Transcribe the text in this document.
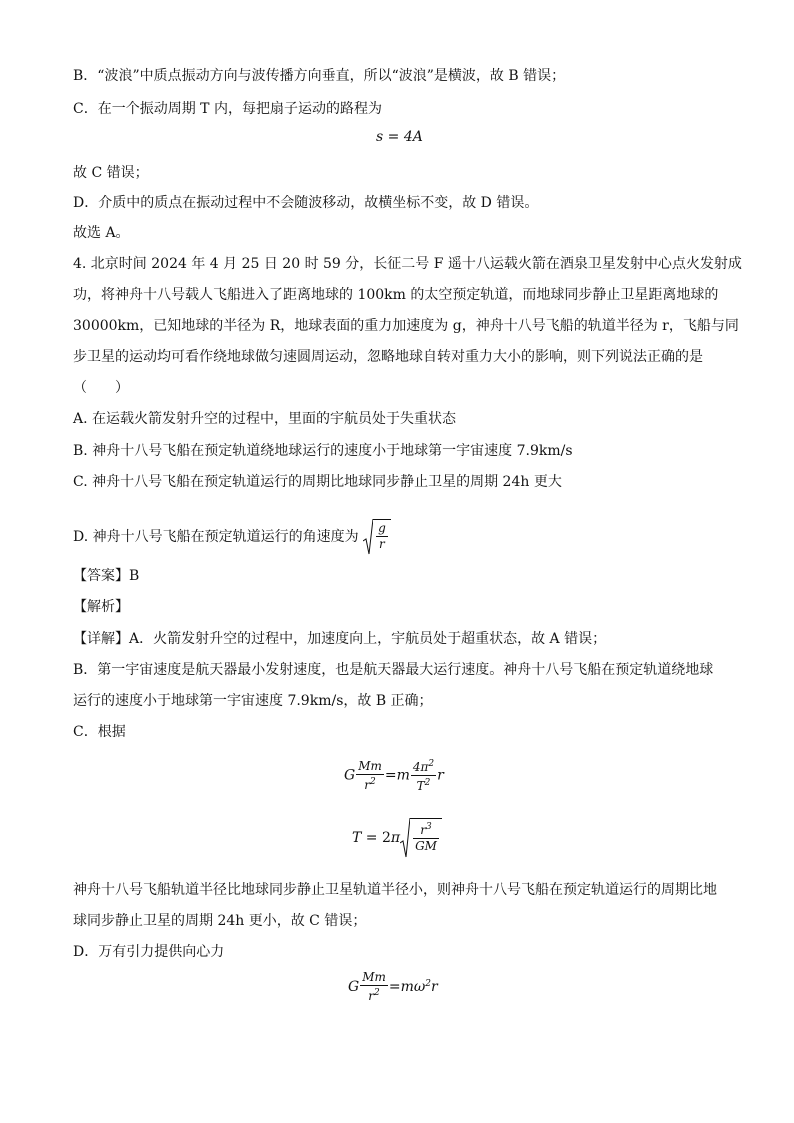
B．“波浪”中质点振动方向与波传播方向垂直，所以“波浪”是横波，故 B 错误；
C．在一个振动周期 T 内，每把扇子运动的路程为
s = 4A
故 C 错误；
D．介质中的质点在振动过程中不会随波移动，故横坐标不变，故 D 错误。
故选 A。
4. 北京时间 2024 年 4 月 25 日 20 时 59 分，长征二号 F 遥十八运载火箭在酒泉卫星发射中心点火发射成
功，将神舟十八号载人飞船进入了距离地球的 100km 的太空预定轨道，而地球同步静止卫星距离地球的
30000km，已知地球的半径为 R，地球表面的重力加速度为 g，神舟十八号飞船的轨道半径为 r，飞船与同
步卫星的运动均可看作绕地球做匀速圆周运动，忽略地球自转对重力大小的影响，则下列说法正确的是
（　　）
A. 在运载火箭发射升空的过程中，里面的宇航员处于失重状态
B. 神舟十八号飞船在预定轨道绕地球运行的速度小于地球第一宇宙速度 7.9km/s
C. 神舟十八号飞船在预定轨道运行的周期比地球同步静止卫星的周期 24h 更大
D. 神舟十八号飞船在预定轨道运行的角速度为 $\frac{g}{r}$
【答案】B
【解析】
【详解】A．火箭发射升空的过程中，加速度向上，宇航员处于超重状态，故 A 错误；
B．第一宇宙速度是航天器最小发射速度，也是航天器最大运行速度。神舟十八号飞船在预定轨道绕地球
运行的速度小于地球第一宇宙速度 7.9km/s，故 B 正确；
C．根据
G $\frac{Mm}{r^2} =m \frac{4\pi^2}{T^2}$ r
$T = 2\pi \frac{r^3}{GM}$
神舟十八号飞船轨道半径比地球同步静止卫星轨道半径小，则神舟十八号飞船在预定轨道运行的周期比地
球同步静止卫星的周期 24h 更小，故 C 错误；
D．万有引力提供向心力
G $\frac{Mm}{r^2} =m\omega^2r$
